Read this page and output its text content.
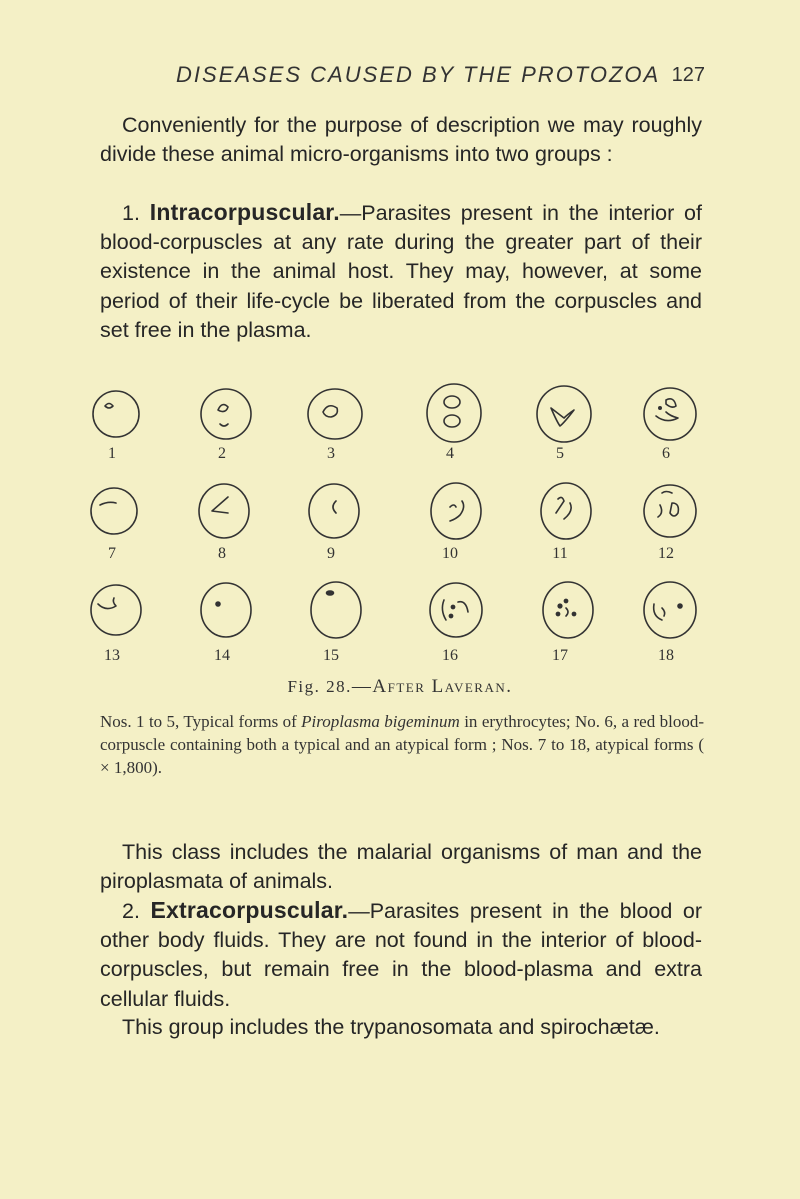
DISEASES CAUSED BY THE PROTOZOA 127
Conveniently for the purpose of description we may roughly divide these animal micro-organisms into two groups :
1. Intracorpuscular.—Parasites present in the interior of blood-corpuscles at any rate during the greater part of their existence in the animal host. They may, however, at some period of their life-cycle be liberated from the corpuscles and set free in the plasma.
1	2	3	4	5	6
7	8	9	10	11	12
13	14	15	16	17	18
Fig. 28.—After Laveran.
Nos. 1 to 5, Typical forms of Piroplasma bigeminum in erythrocytes; No. 6, a red blood-corpuscle containing both a typical and an atypical form ; Nos. 7 to 18, atypical forms ( × 1,800).
This class includes the malarial organisms of man and the piroplasmata of animals.
2. Extracorpuscular.—Parasites present in the blood or other body fluids. They are not found in the interior of blood-corpuscles, but remain free in the blood-plasma and extra cellular fluids.
This group includes the trypanosomata and spirochætæ.
